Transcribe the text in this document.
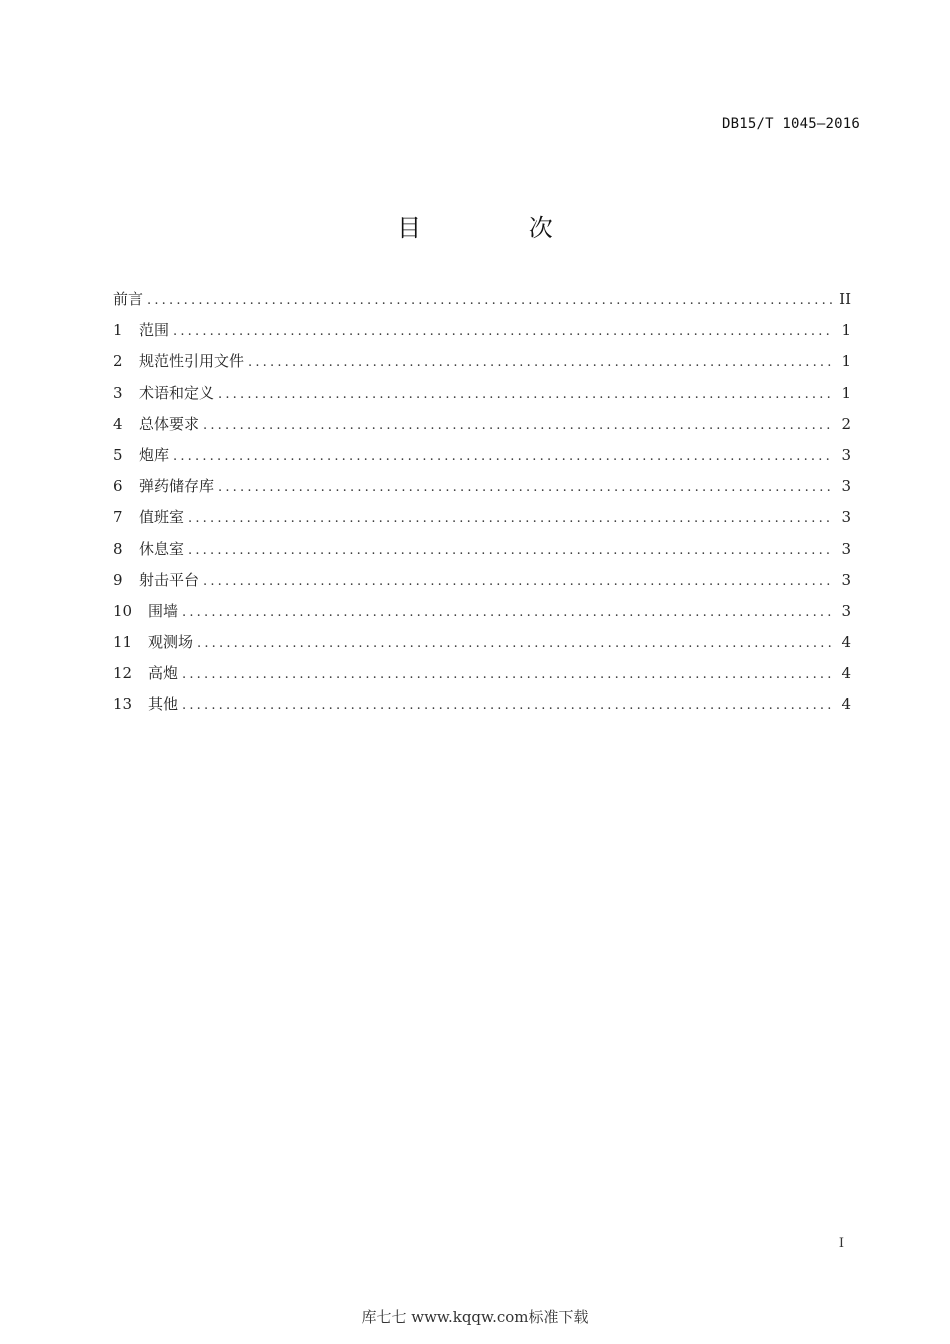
DB15/T 1045—2016
目 次
前言 .....	II
1	范围 .....	1
2	规范性引用文件 .....	1
3	术语和定义 .....	1
4	总体要求 .....	2
5	炮库 .....	3
6	弹药储存库 .....	3
7	值班室 .....	3
8	休息室 .....	3
9	射击平台 .....	3
10	围墙 .....	3
11	观测场 .....	4
12	高炮 .....	4
13	其他 .....	4
I
库七七 www.kqqw.com标准下载
